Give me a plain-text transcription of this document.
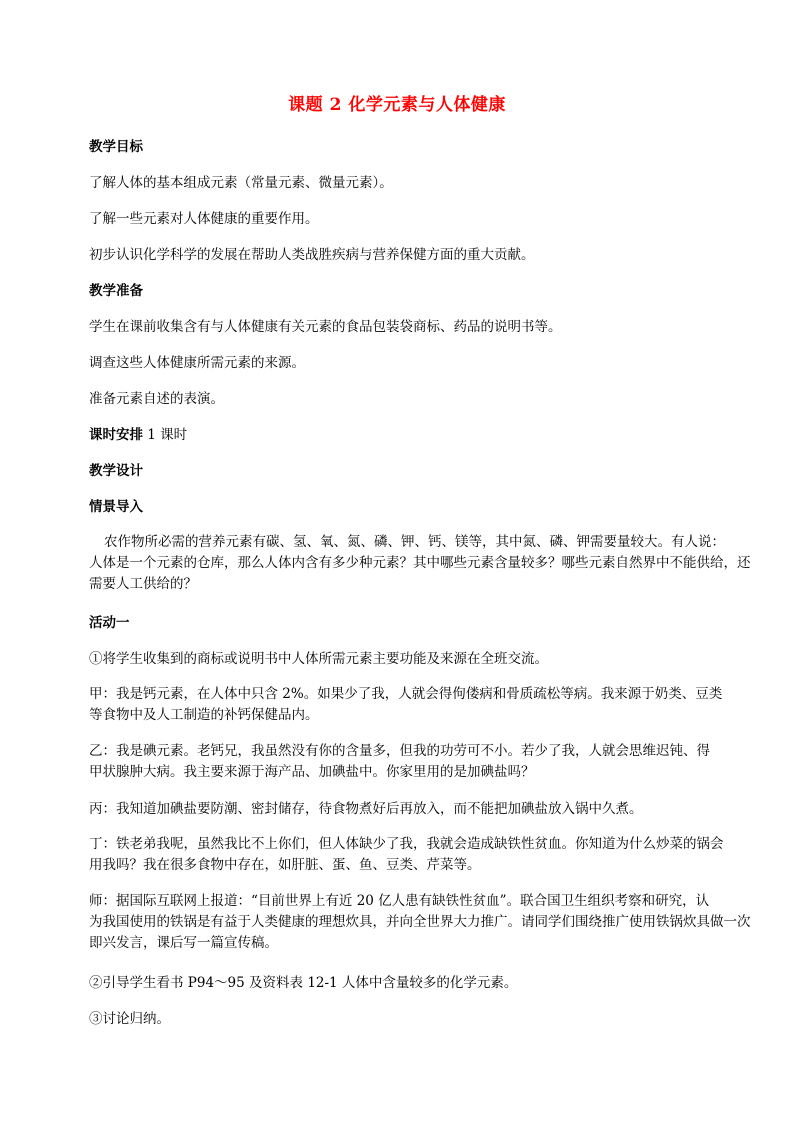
课题 2 化学元素与人体健康
教学目标
了解人体的基本组成元素（常量元素、微量元素）。
了解一些元素对人体健康的重要作用。
初步认识化学科学的发展在帮助人类战胜疾病与营养保健方面的重大贡献。
教学准备
学生在课前收集含有与人体健康有关元素的食品包装袋商标、药品的说明书等。
调查这些人体健康所需元素的来源。
准备元素自述的表演。
课时安排 1 课时
教学设计
情景导入
农作物所必需的营养元素有碳、氢、氧、氮、磷、钾、钙、镁等，其中氮、磷、钾需要量较大。有人说：
人体是一个元素的仓库，那么人体内含有多少种元素？其中哪些元素含量较多？哪些元素自然界中不能供给，还
需要人工供给的？
活动一
①将学生收集到的商标或说明书中人体所需元素主要功能及来源在全班交流。
甲：我是钙元素，在人体中只含 2%。如果少了我，人就会得佝偻病和骨质疏松等病。我来源于奶类、豆类
等食物中及人工制造的补钙保健品内。
乙：我是碘元素。老钙兄，我虽然没有你的含量多，但我的功劳可不小。若少了我，人就会思维迟钝、得
甲状腺肿大病。我主要来源于海产品、加碘盐中。你家里用的是加碘盐吗？
丙：我知道加碘盐要防潮、密封储存，待食物煮好后再放入，而不能把加碘盐放入锅中久煮。
丁：铁老弟我呢，虽然我比不上你们，但人体缺少了我，我就会造成缺铁性贫血。你知道为什么炒菜的锅会
用我吗？我在很多食物中存在，如肝脏、蛋、鱼、豆类、芹菜等。
师：据国际互联网上报道：“目前世界上有近 20 亿人患有缺铁性贫血”。联合国卫生组织考察和研究，认
为我国使用的铁锅是有益于人类健康的理想炊具，并向全世界大力推广。请同学们围绕推广使用铁锅炊具做一次
即兴发言，课后写一篇宣传稿。
②引导学生看书 P94～95 及资料表 12-1 人体中含量较多的化学元素。
③讨论归纳。
